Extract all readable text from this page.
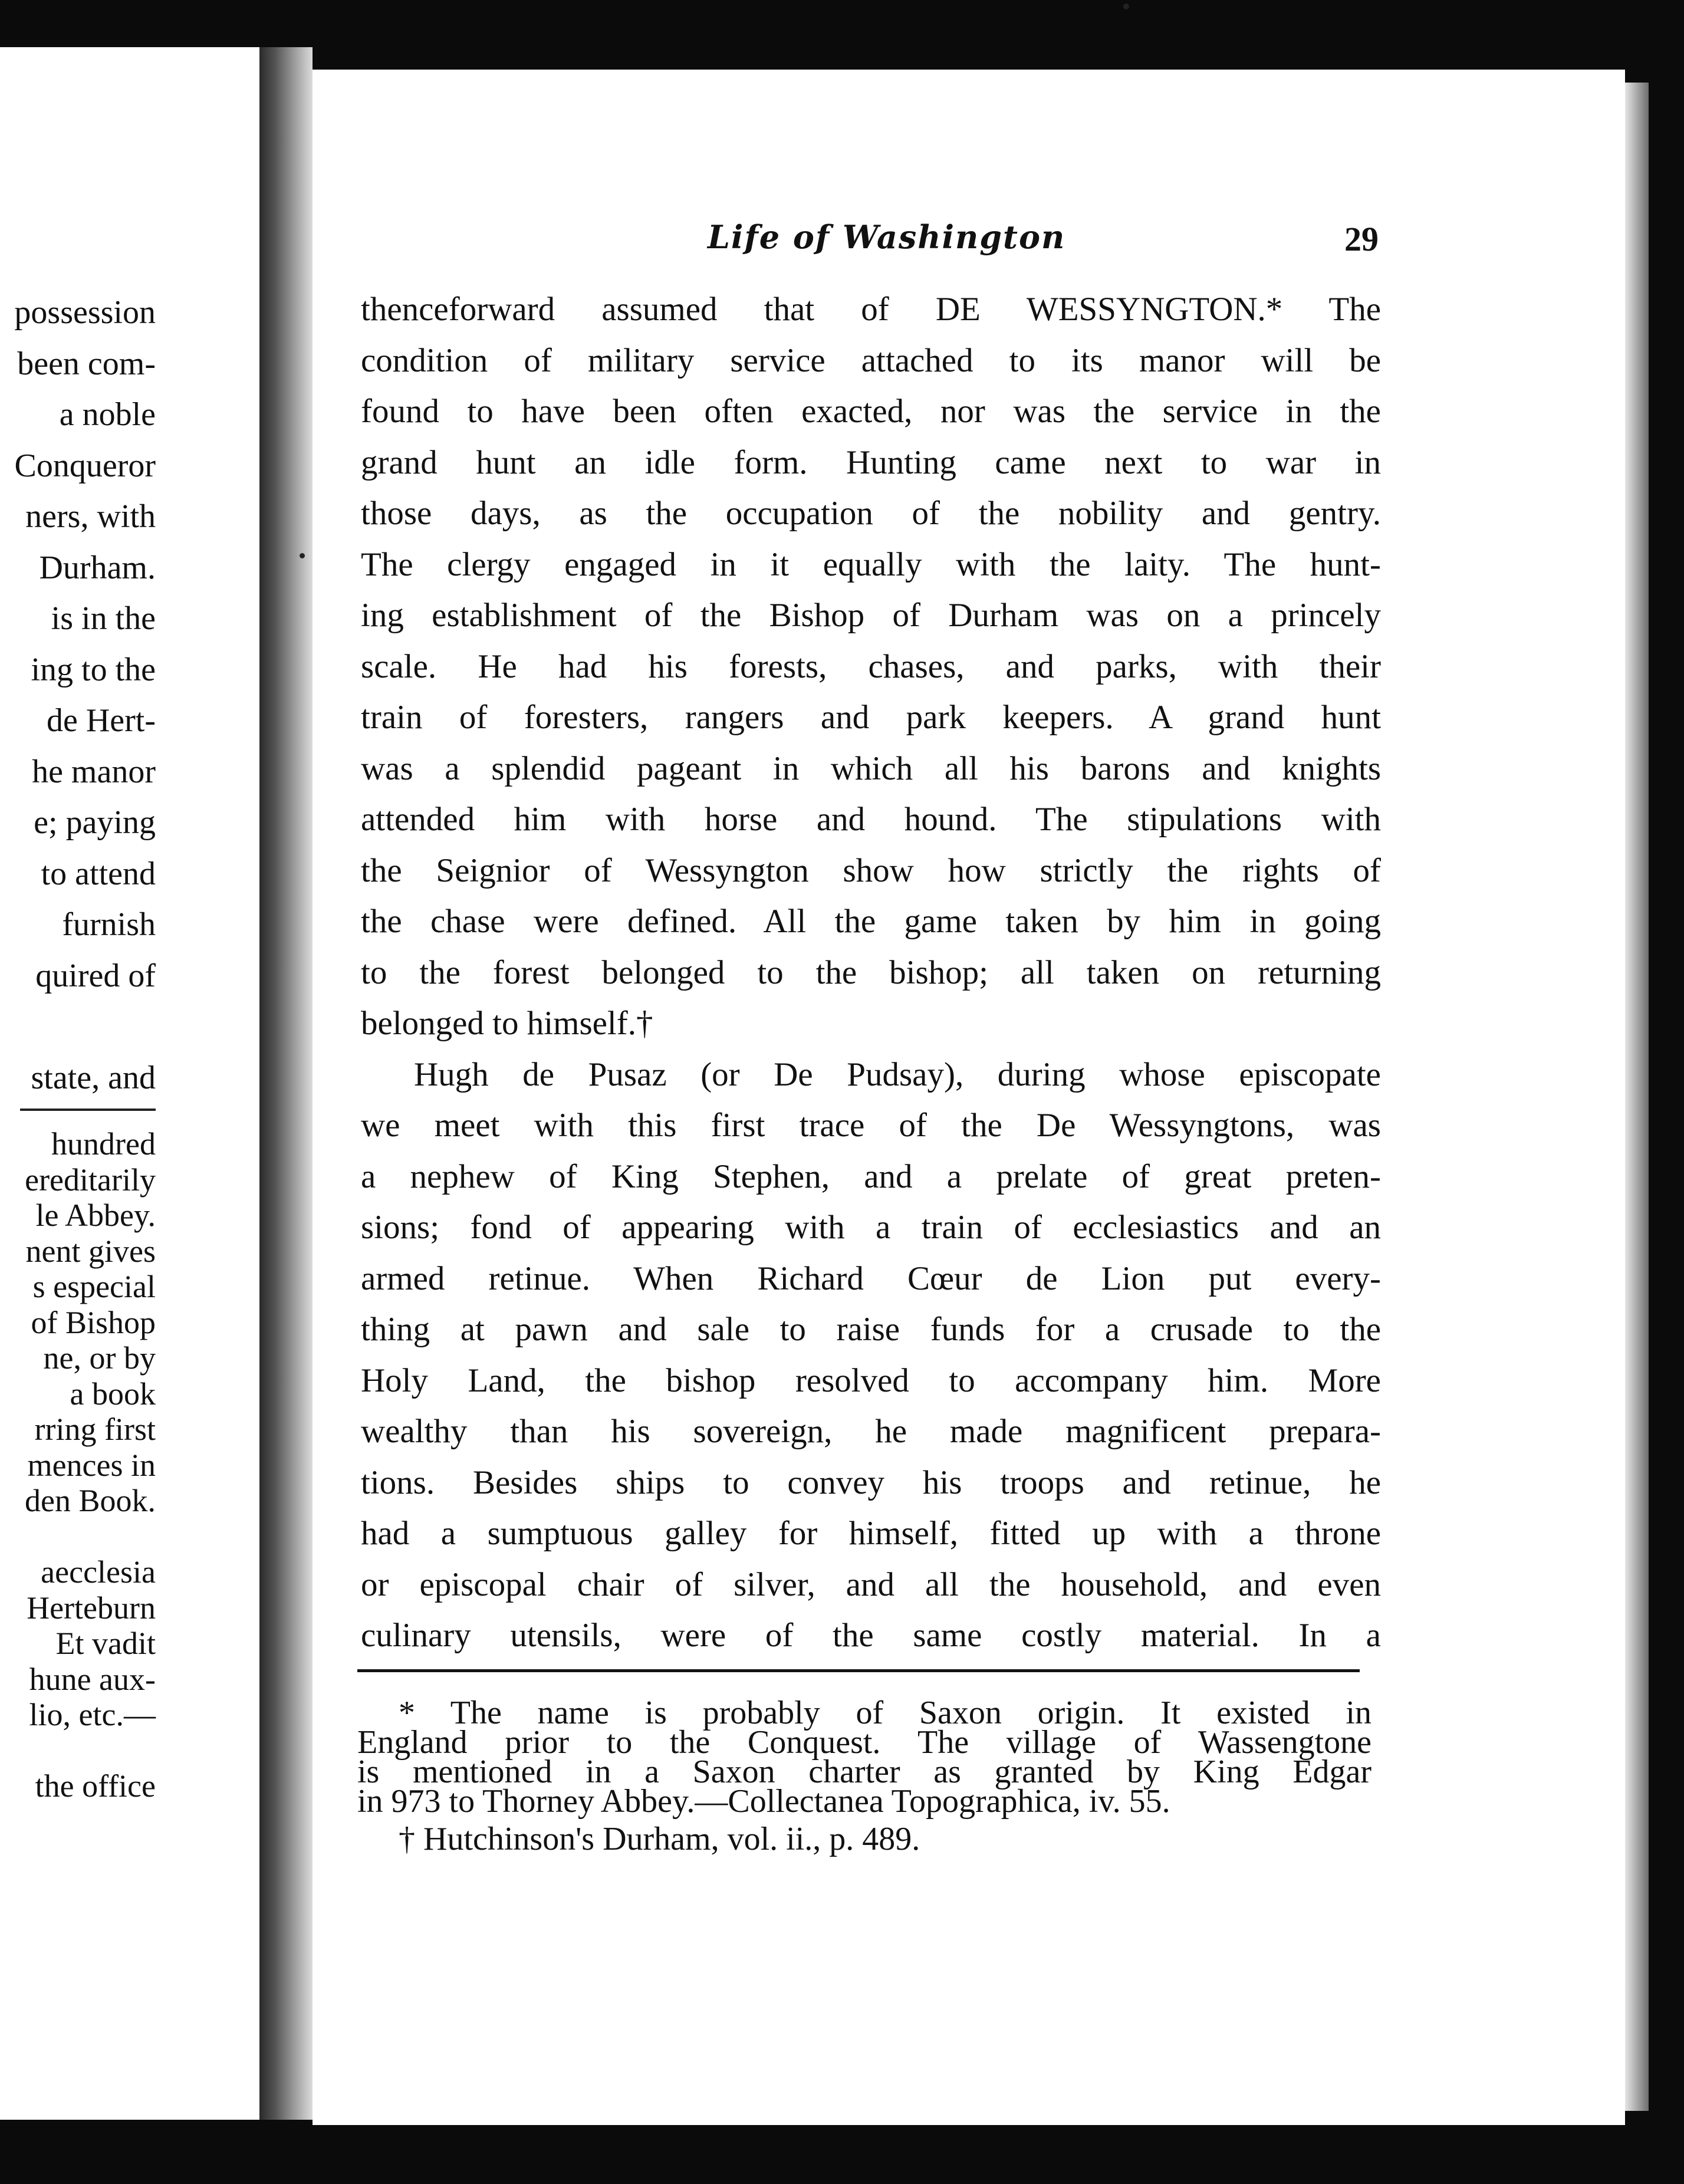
possession
been com-
a noble
Conqueror
ners, with
Durham.
is in the
ing to the
de Hert-
he manor
e; paying
to attend
furnish
quired of
state, and
hundred
ereditarily
le Abbey.
nent gives
s especial
of Bishop
ne, or by
a book
rring first
mences in
den Book.
aecclesia
Herteburn
Et vadit
hune aux-
lio, etc.—
the office
Life of Washington	29
thenceforward assumed that of DE WESSYNGTON.* The
condition of military service attached to its manor will be
found to have been often exacted, nor was the service in the
grand hunt an idle form. Hunting came next to war in
those days, as the occupation of the nobility and gentry.
The clergy engaged in it equally with the laity. The hunt-
ing establishment of the Bishop of Durham was on a princely
scale. He had his forests, chases, and parks, with their
train of foresters, rangers and park keepers. A grand hunt
was a splendid pageant in which all his barons and knights
attended him with horse and hound. The stipulations with
the Seignior of Wessyngton show how strictly the rights of
the chase were defined. All the game taken by him in going
to the forest belonged to the bishop; all taken on returning
belonged to himself.†
Hugh de Pusaz (or De Pudsay), during whose episcopate
we meet with this first trace of the De Wessyngtons, was
a nephew of King Stephen, and a prelate of great preten-
sions; fond of appearing with a train of ecclesiastics and an
armed retinue. When Richard Cœur de Lion put every-
thing at pawn and sale to raise funds for a crusade to the
Holy Land, the bishop resolved to accompany him. More
wealthy than his sovereign, he made magnificent prepara-
tions. Besides ships to convey his troops and retinue, he
had a sumptuous galley for himself, fitted up with a throne
or episcopal chair of silver, and all the household, and even
culinary utensils, were of the same costly material. In a
* The name is probably of Saxon origin. It existed in
England prior to the Conquest. The village of Wassengtone
is mentioned in a Saxon charter as granted by King Edgar
in 973 to Thorney Abbey.—Collectanea Topographica, iv. 55.
† Hutchinson's Durham, vol. ii., p. 489.
